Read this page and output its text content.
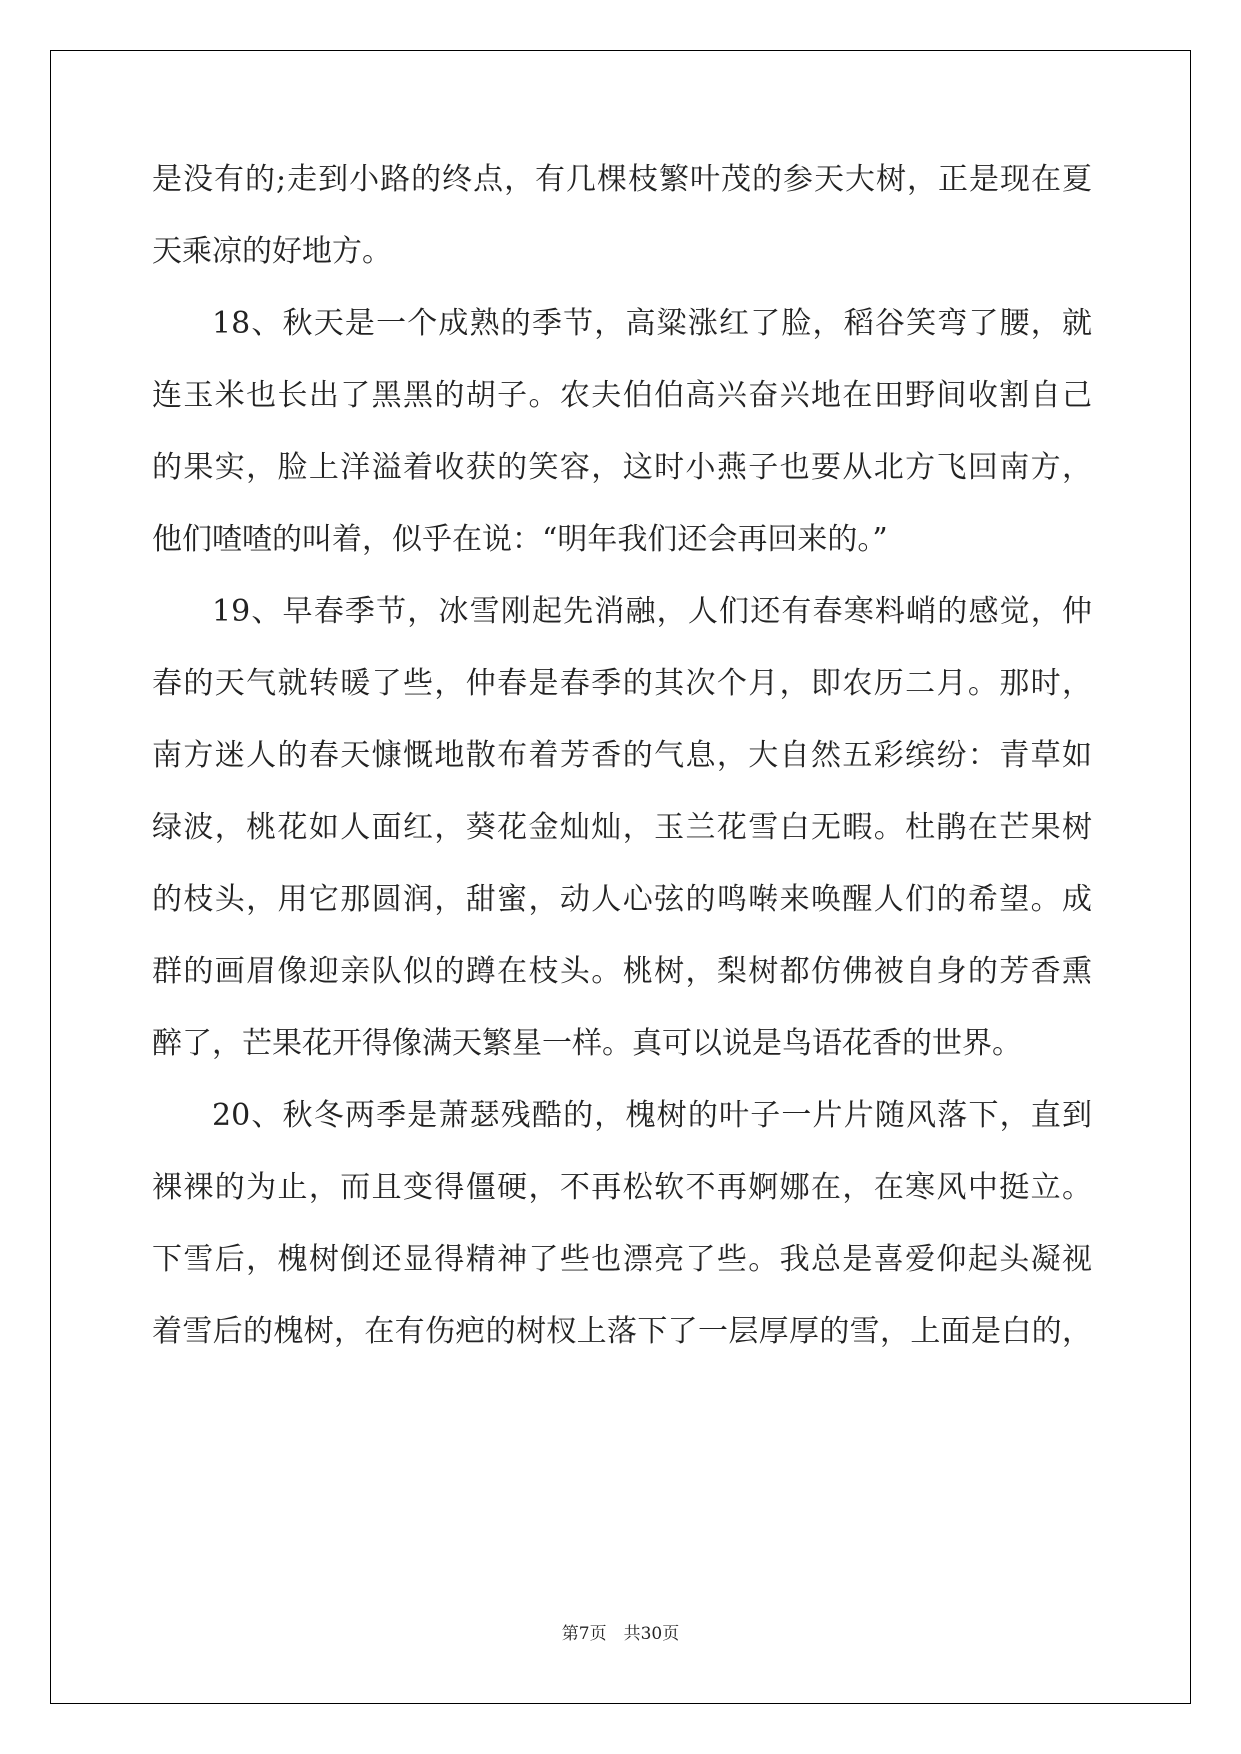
是没有的;走到小路的终点，有几棵枝繁叶茂的参天大树，正是现在夏
天乘凉的好地方。
18、秋天是一个成熟的季节，高粱涨红了脸，稻谷笑弯了腰，就
连玉米也长出了黑黑的胡子。农夫伯伯高兴奋兴地在田野间收割自己
的果实，脸上洋溢着收获的笑容，这时小燕子也要从北方飞回南方，
他们喳喳的叫着，似乎在说：“明年我们还会再回来的。”
19、早春季节，冰雪刚起先消融，人们还有春寒料峭的感觉，仲
春的天气就转暖了些，仲春是春季的其次个月，即农历二月。那时，
南方迷人的春天慷慨地散布着芳香的气息，大自然五彩缤纷：青草如
绿波，桃花如人面红，葵花金灿灿，玉兰花雪白无暇。杜鹃在芒果树
的枝头，用它那圆润，甜蜜，动人心弦的鸣啭来唤醒人们的希望。成
群的画眉像迎亲队似的蹲在枝头。桃树，梨树都仿佛被自身的芳香熏
醉了，芒果花开得像满天繁星一样。真可以说是鸟语花香的世界。
20、秋冬两季是萧瑟残酷的，槐树的叶子一片片随风落下，直到
裸裸的为止，而且变得僵硬，不再松软不再婀娜在，在寒风中挺立。
下雪后，槐树倒还显得精神了些也漂亮了些。我总是喜爱仰起头凝视
着雪后的槐树，在有伤疤的树杈上落下了一层厚厚的雪，上面是白的，
第7页　共30页
